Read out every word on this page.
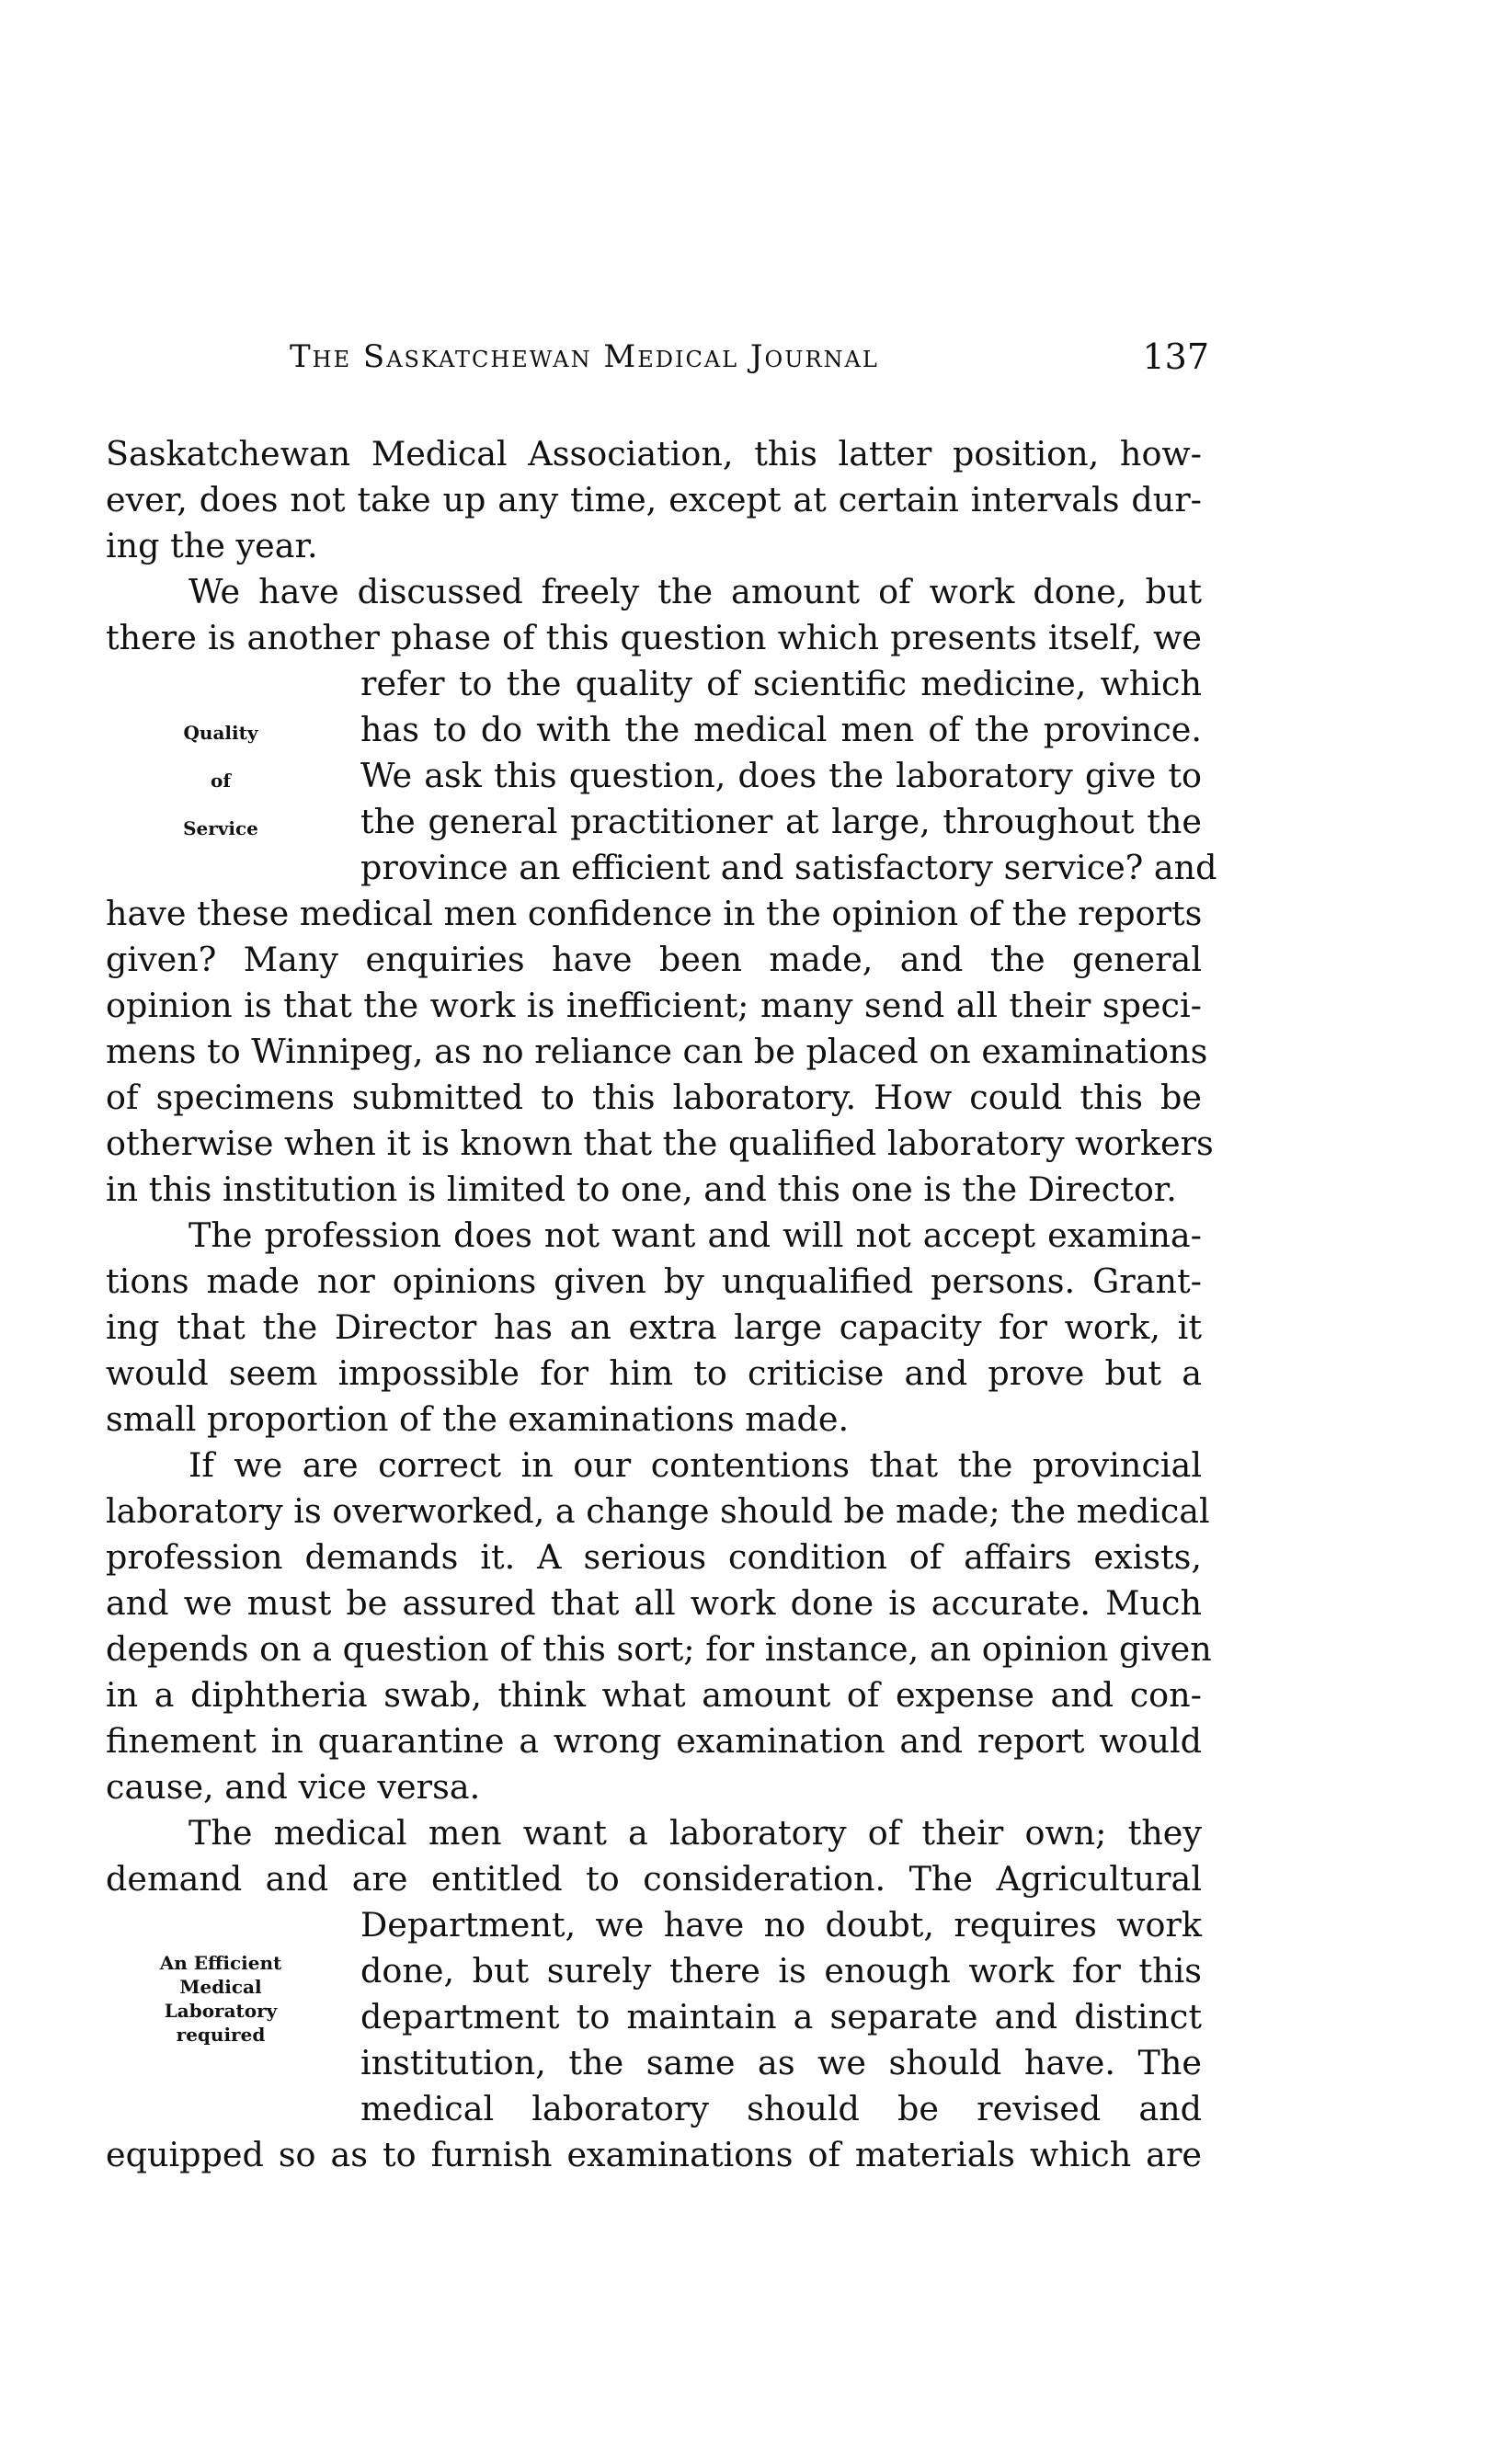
The Saskatchewan Medical Journal	137
Quality
of
Service
An Efficient
Medical
Laboratory
required
Saskatchewan Medical Association, this latter position, how-
ever, does not take up any time, except at certain intervals dur-
ing the year.
We have discussed freely the amount of work done, but
there is another phase of this question which presents itself, we
refer to the quality of scientific medicine, which
has to do with the medical men of the province.
We ask this question, does the laboratory give to
the general practitioner at large, throughout the
province an efficient and satisfactory service? and
have these medical men confidence in the opinion of the reports
given? Many enquiries have been made, and the general
opinion is that the work is inefficient; many send all their speci-
mens to Winnipeg, as no reliance can be placed on examinations
of specimens submitted to this laboratory. How could this be
otherwise when it is known that the qualified laboratory workers
in this institution is limited to one, and this one is the Director.
The profession does not want and will not accept examina-
tions made nor opinions given by unqualified persons. Grant-
ing that the Director has an extra large capacity for work, it
would seem impossible for him to criticise and prove but a
small proportion of the examinations made.
If we are correct in our contentions that the provincial
laboratory is overworked, a change should be made; the medical
profession demands it. A serious condition of affairs exists,
and we must be assured that all work done is accurate. Much
depends on a question of this sort; for instance, an opinion given
in a diphtheria swab, think what amount of expense and con-
finement in quarantine a wrong examination and report would
cause, and vice versa.
The medical men want a laboratory of their own; they
demand and are entitled to consideration. The Agricultural
Department, we have no doubt, requires work
done, but surely there is enough work for this
department to maintain a separate and distinct
institution, the same as we should have. The
medical laboratory should be revised and
equipped so as to furnish examinations of materials which are
